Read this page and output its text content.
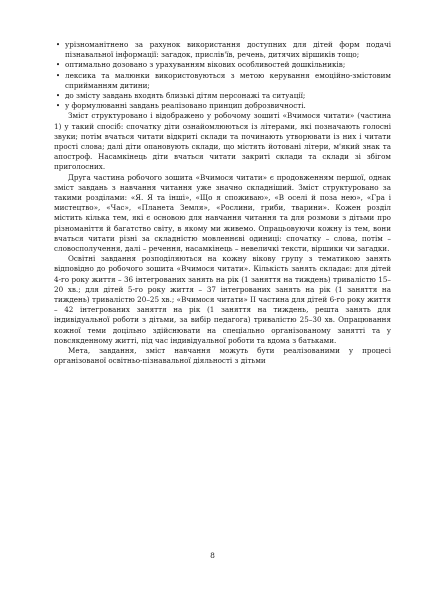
• урізноманітнено за рахунок використання доступних для дітей форм подачі пізнавальної інформації: загадок, прислів'їв, речень, дитячих віршиків тощо;
• оптимально дозовано з урахуванням вікових особливостей дошкільників;
• лексика та малюнки використовуються з метою керування емоційно-змістовим сприйманням дитини;
• до змісту завдань входять близькі дітям персонажі та ситуації;
• у формулюванні завдань реалізовано принцип доброзвичності.

Зміст структуровано і відображено у робочому зошиті «Вчимося читати» (частина 1) у такий спосіб: спочатку діти ознайомлюються із літерами, які позначають голосні звуки; потім вчаться читати відкриті склади та починають утворювати із них і читати прості слова; далі діти опановують склади, що містять йотовані літери, м'який знак та апостроф. Насамкінець діти вчаться читати закриті склади та склади зі збігом приголосних.

Друга частина робочого зошита «Вчимося читати» є продовженням першої, однак зміст завдань з навчання читання уже значно складніший. Зміст структуровано за такими розділами: «Я. Я та інші», «Що я споживаю», «В оселі й поза нею», «Гра і мистецтво», «Час», «Планета Земля», «Рослини, гриби, тварини». Кожен розділ містить кілька тем, які є основою для навчання читання та для розмови з дітьми про різноманіття й багатство світу, в якому ми живемо. Опрацьовуючи кожну із тем, вони вчаться читати різні за складністю мовленнєві одиниці: спочатку – слова, потім – словосполучення, далі – речення, насамкінець – невеличкі тексти, віршики чи загадки.

Освітні завдання розподіляються на кожну вікову групу з тематикою занять відповідно до робочого зошита «Вчимося читати». Кількість занять складає: для дітей 4-го року життя – 36 інтегрованих занять на рік (1 заняття на тиждень) тривалістю 15–20 хв.; для дітей 5-го року життя – 37 інтегрованих занять на рік (1 заняття на тиждень) тривалістю 20–25 хв.; «Вчимося читати» II частина для дітей 6-го року життя – 42 інтегрованих заняття на рік (1 заняття на тиждень, решта занять для індивідуальної роботи з дітьми, за вибір педагога) тривалістю 25–30 хв. Опрацювання кожної теми доцільно здійснювати на спеціально організованому занятті та у повсякденному житті, під час індивідуальної роботи та вдома з батьками.

Мета, завдання, зміст навчання можуть бути реалізованими у процесі організованої освітньо-пізнавальної діяльності з дітьми

8
